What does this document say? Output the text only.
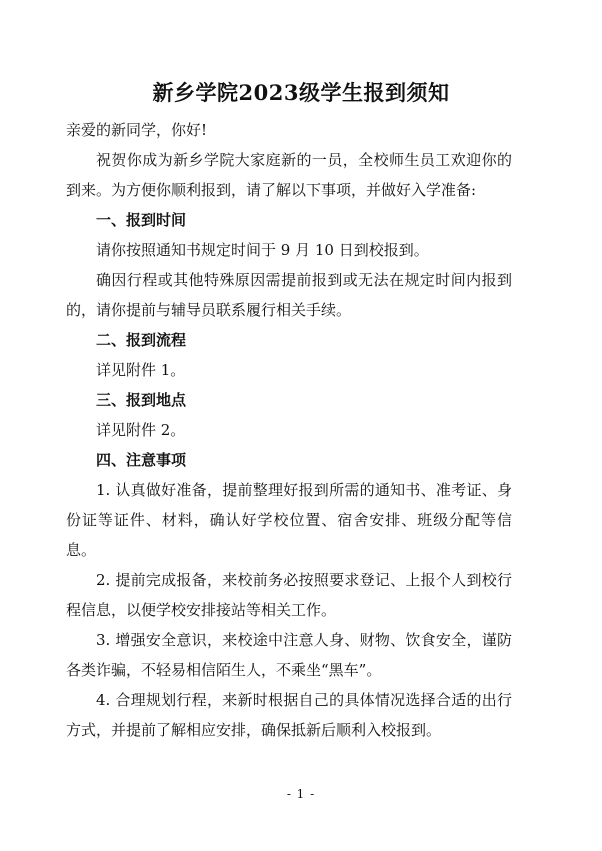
新乡学院2023级学生报到须知

亲爱的新同学，你好!

祝贺你成为新乡学院大家庭新的一员，全校师生员工欢迎你的到来。为方便你顺利报到，请了解以下事项，并做好入学准备:

一、报到时间

请你按照通知书规定时间于 9 月 10 日到校报到。

确因行程或其他特殊原因需提前报到或无法在规定时间内报到的，请你提前与辅导员联系履行相关手续。

二、报到流程

详见附件 1。

三、报到地点

详见附件 2。

四、注意事项

1. 认真做好准备，提前整理好报到所需的通知书、准考证、身份证等证件、材料，确认好学校位置、宿舍安排、班级分配等信息。

2. 提前完成报备，来校前务必按照要求登记、上报个人到校行程信息，以便学校安排接站等相关工作。

3. 增强安全意识，来校途中注意人身、财物、饮食安全，谨防各类诈骗，不轻易相信陌生人，不乘坐“黑车”。

4. 合理规划行程，来新时根据自己的具体情况选择合适的出行方式，并提前了解相应安排，确保抵新后顺利入校报到。

- 1 -
